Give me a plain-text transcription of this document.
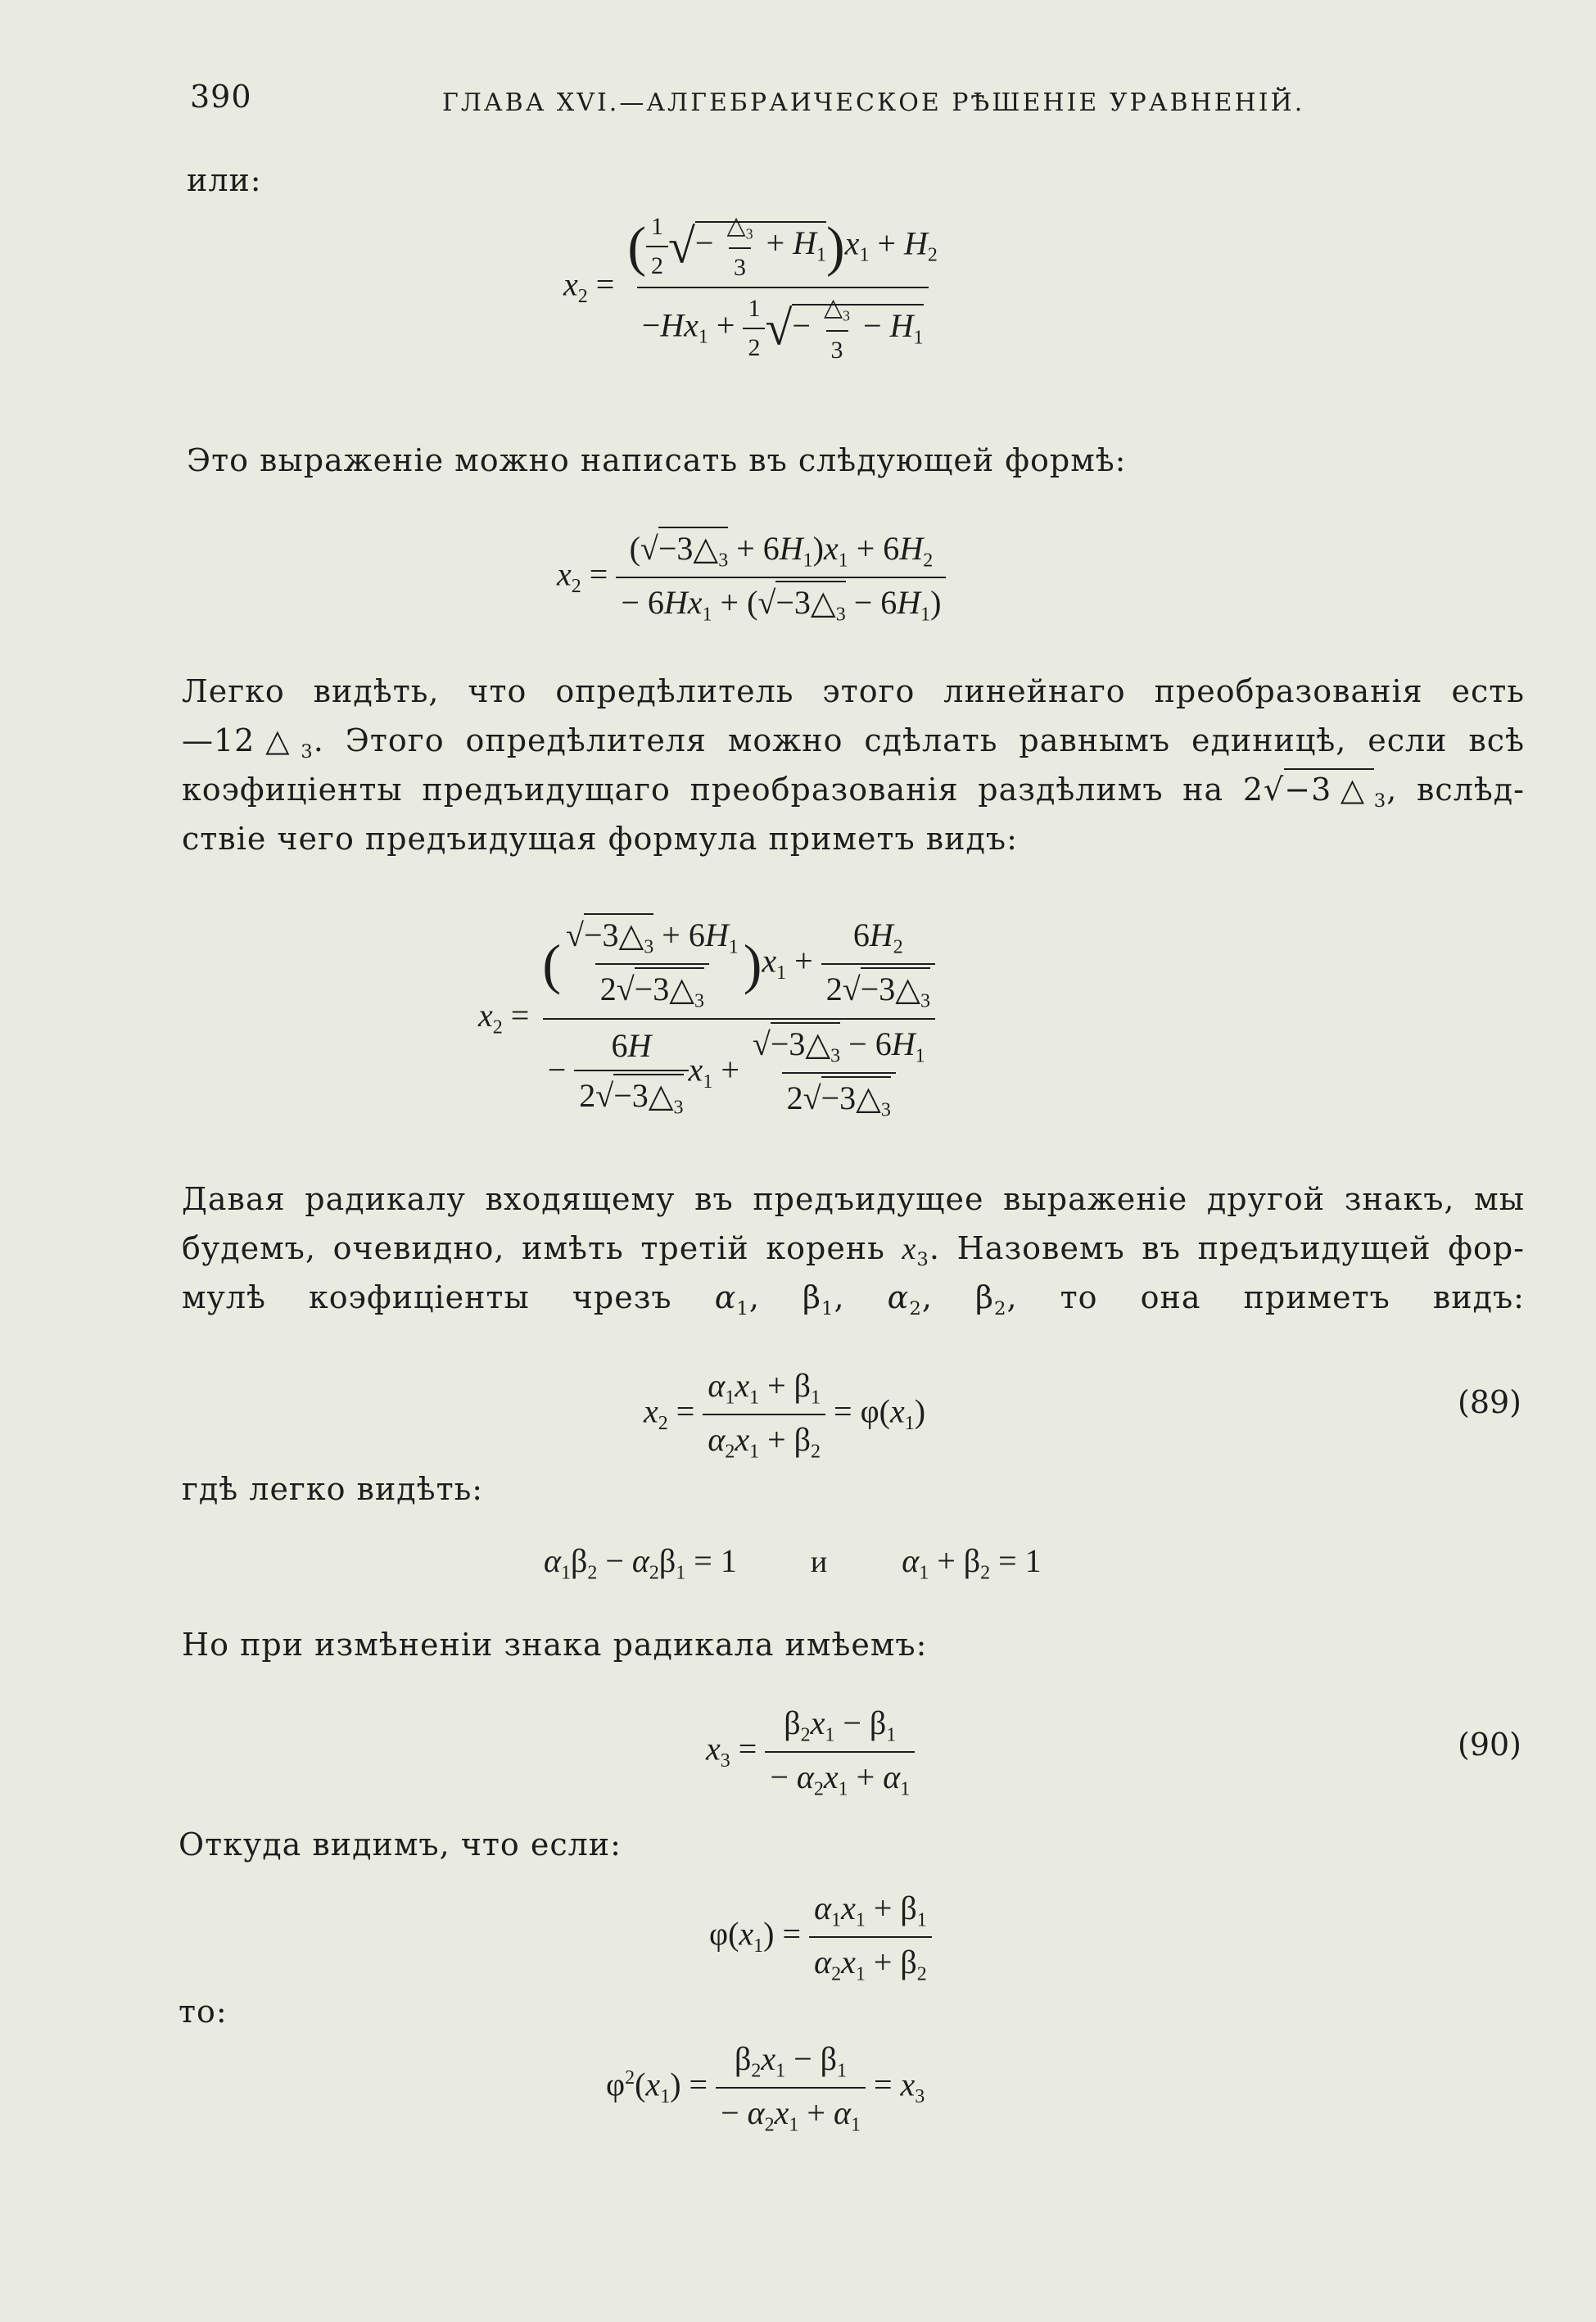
390	ГЛАВА XVI.—АЛГЕБРАИЧЕСКОЕ РѢШЕНІЕ УРАВНЕНІЙ.
или:
$x_2 = \frac{( \frac{1}{2} √- \frac{\triangle_3}{3} + H_1)x_1 + H_2}{-Hx_1 + \frac{1}{2} √- \frac{\triangle_3}{3} - H_1}$
Это выраженіе можно написать въ слѣдующей формѣ:
$x_2 = \frac{(√-3\triangle_3 + 6H_1)x_1 + 6H_2}{- 6Hx_1 + (√-3\triangle_3 - 6H_1)}$
Легко видѣть, что опредѣлитель этого линейнаго преобразованія есть
$—12\triangle_3$. Этого опредѣлителя можно сдѣлать равнымъ единицѣ, если всѣ
коэфиціенты предъидущаго преобразованія раздѣлимъ на $2√-3\triangle_3$, вслѣд-
ствіе чего предъидущая формула приметъ видъ:
$x_2 = \frac{( \frac{√-3\triangle_3 + 6H_1}{2√-3\triangle_3} )x_1 + \frac{6H_2}{2√-3\triangle_3}}{- \frac{6H}{2√-3\triangle_3} x_1 + \frac{√-3\triangle_3 - 6H_1}{2√-3\triangle_3}}$
Давая радикалу входящему въ предъидущее выраженіе другой знакъ, мы
будемъ, очевидно, имѣть третій корень $x_3$. Назовемъ въ предъидущей фор-
мулѣ коэфиціенты чрезъ $\alpha_1$, $\beta_1$, $\alpha_2$, $\beta_2$, то она приметъ видъ:
$x_2 = \frac{\alpha_1x_1 + \beta_1}{\alpha_2x_1 + \beta_2} = \varphi(x_1)$	(89)
гдѣ легко видѣть:
$\alpha_1\beta_2 - \alpha_2\beta_1 = 1$ и $\alpha_1 + \beta_2 = 1$
Но при измѣненіи знака радикала имѣемъ:
$x_3 = \frac{\beta_2x_1 - \beta_1}{- \alpha_2x_1 + \alpha_1}$	(90)
Откуда видимъ, что если:
$\varphi(x_1) = \frac{\alpha_1x_1 + \beta_1}{\alpha_2x_1 + \beta_2}$
то:
$\varphi^2(x_1) = \frac{\beta_2x_1 - \beta_1}{- \alpha_2x_1 + \alpha_1} = x_3$
